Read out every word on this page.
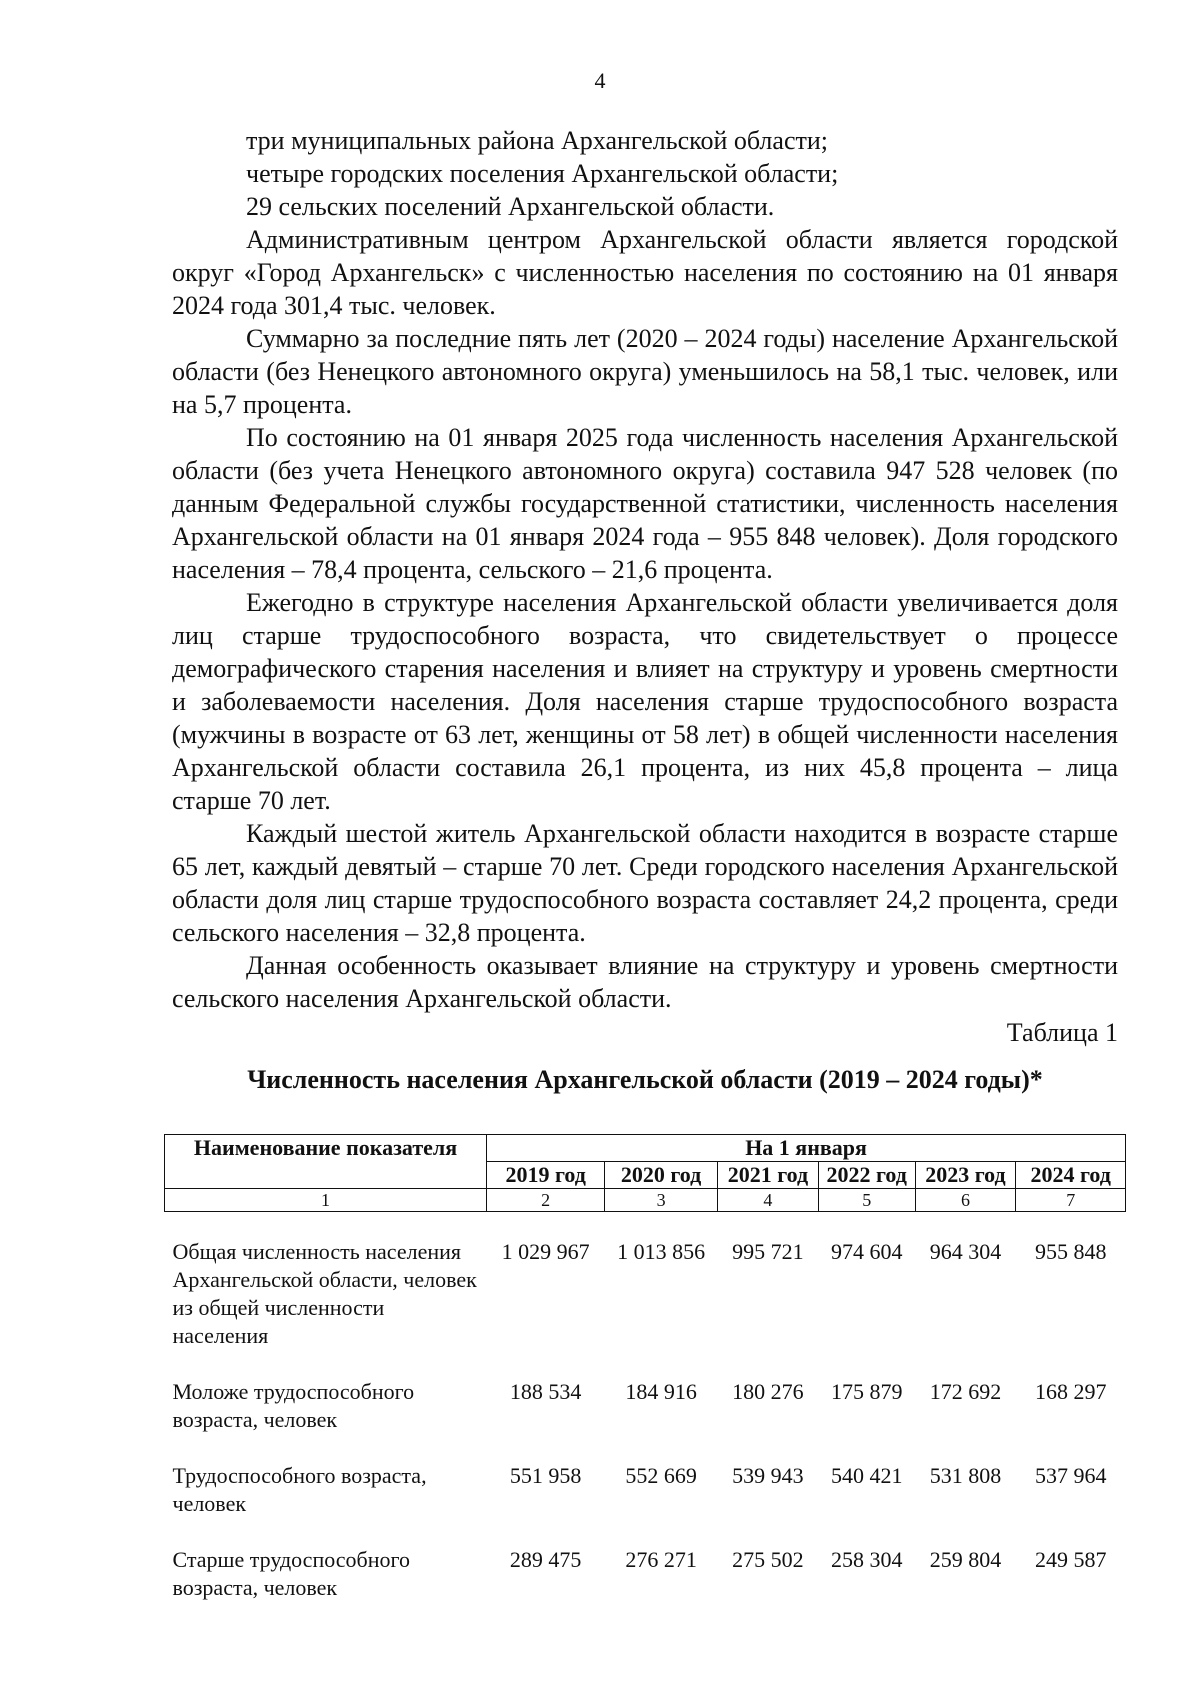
4

три муниципальных района Архангельской области;

четыре городских поселения Архангельской области;

29 сельских поселений Архангельской области.

Административным центром Архангельской области является городской округ «Город Архангельск» с численностью населения по состоянию на 01 января 2024 года 301,4 тыс. человек.

Суммарно за последние пять лет (2020 – 2024 годы) население Архангельской области (без Ненецкого автономного округа) уменьшилось на 58,1 тыс. человек, или на 5,7 процента.

По состоянию на 01 января 2025 года численность населения Архангельской области (без учета Ненецкого автономного округа) составила 947 528 человек (по данным Федеральной службы государственной статистики, численность населения Архангельской области на 01 января 2024 года – 955 848 человек). Доля городского населения – 78,4 процента, сельского – 21,6 процента.

Ежегодно в структуре населения Архангельской области увеличивается доля лиц старше трудоспособного возраста, что свидетельствует о процессе демографического старения населения и влияет на структуру и уровень смертности и заболеваемости населения. Доля населения старше трудоспособного возраста (мужчины в возрасте от 63 лет, женщины от 58 лет) в общей численности населения Архангельской области составила 26,1 процента, из них 45,8 процента – лица старше 70 лет.

Каждый шестой житель Архангельской области находится в возрасте старше 65 лет, каждый девятый – старше 70 лет. Среди городского населения Архангельской области доля лиц старше трудоспособного возраста составляет 24,2 процента, среди сельского населения – 32,8 процента.

Данная особенность оказывает влияние на структуру и уровень смертности сельского населения Архангельской области.

Таблица 1
Численность населения Архангельской области (2019 – 2024 годы)*
Наименование показателя	На 1 января					
	2019 год	2020 год	2021 год	2022 год	2023 год	2024 год
1	2	3	4	5	6	7

Общая численность населения Архангельской области, человек из общей численности населения	1 029 967	1 013 856	995 721	974 604	964 304	955 848
Моложе трудоспособного возраста, человек	188 534	184 916	180 276	175 879	172 692	168 297
Трудоспособного возраста, человек	551 958	552 669	539 943	540 421	531 808	537 964
Старше трудоспособного возраста, человек	289 475	276 271	275 502	258 304	259 804	249 587
